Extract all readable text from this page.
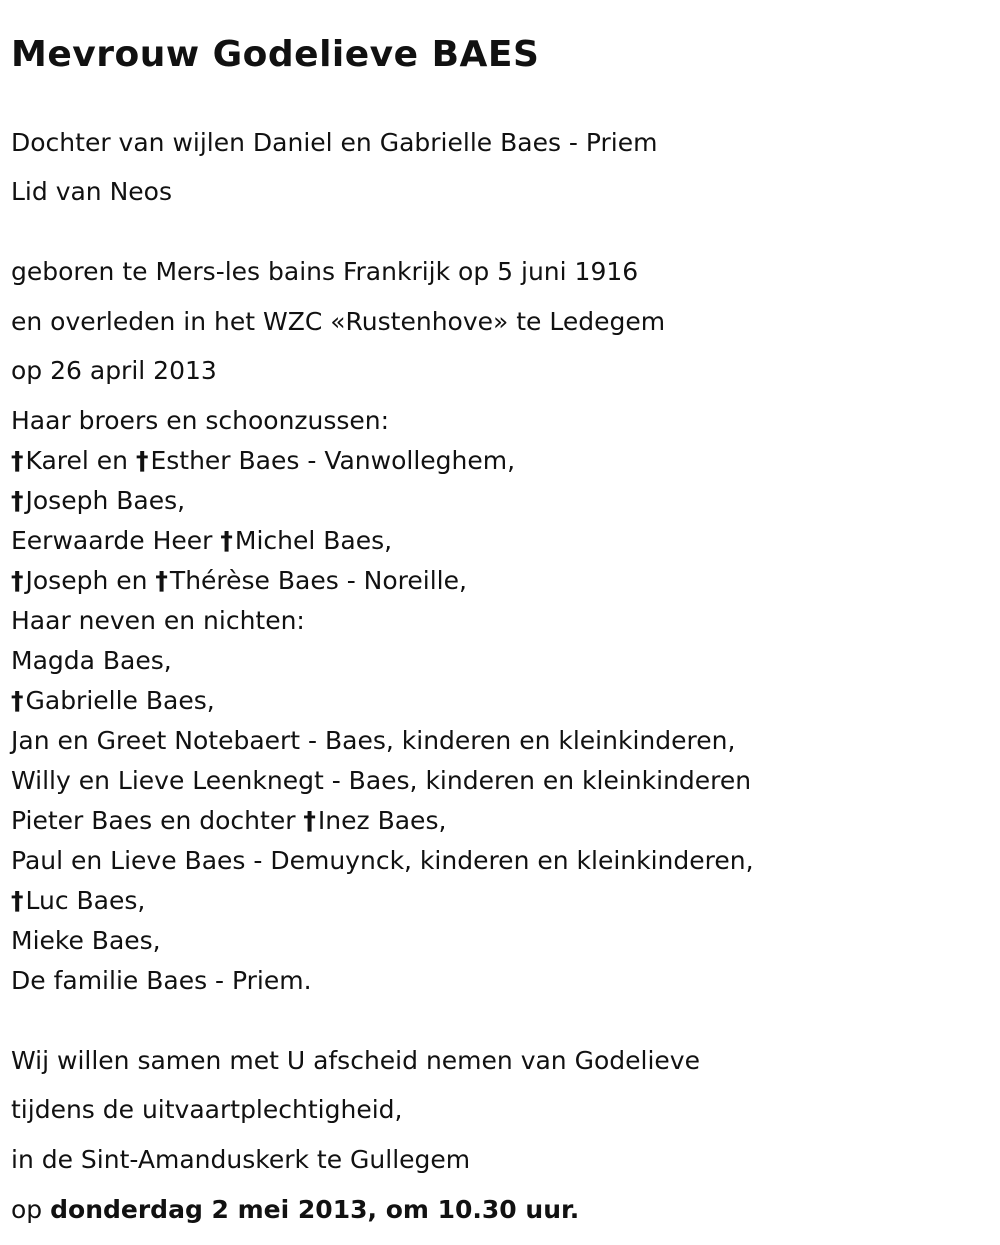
Mevrouw Godelieve BAES
Dochter van wijlen Daniel en Gabrielle Baes - Priem
Lid van Neos
geboren te Mers-les bains Frankrijk op 5 juni 1916
en overleden in het WZC «Rustenhove» te Ledegem
op 26 april 2013
Haar broers en schoonzussen:
†Karel en †Esther Baes - Vanwolleghem,
†Joseph Baes,
Eerwaarde Heer †Michel Baes,
†Joseph en †Thérèse Baes - Noreille,
Haar neven en nichten:
Magda Baes,
†Gabrielle Baes,
Jan en Greet Notebaert - Baes, kinderen en kleinkinderen,
Willy en Lieve Leenknegt - Baes, kinderen en kleinkinderen
Pieter Baes en dochter †Inez Baes,
Paul en Lieve Baes - Demuynck, kinderen en kleinkinderen,
†Luc Baes,
Mieke Baes,
De familie Baes - Priem.
Wij willen samen met U afscheid nemen van Godelieve
tijdens de uitvaartplechtigheid,
in de Sint-Amanduskerk te Gullegem
op donderdag 2 mei 2013, om 10.30 uur.
